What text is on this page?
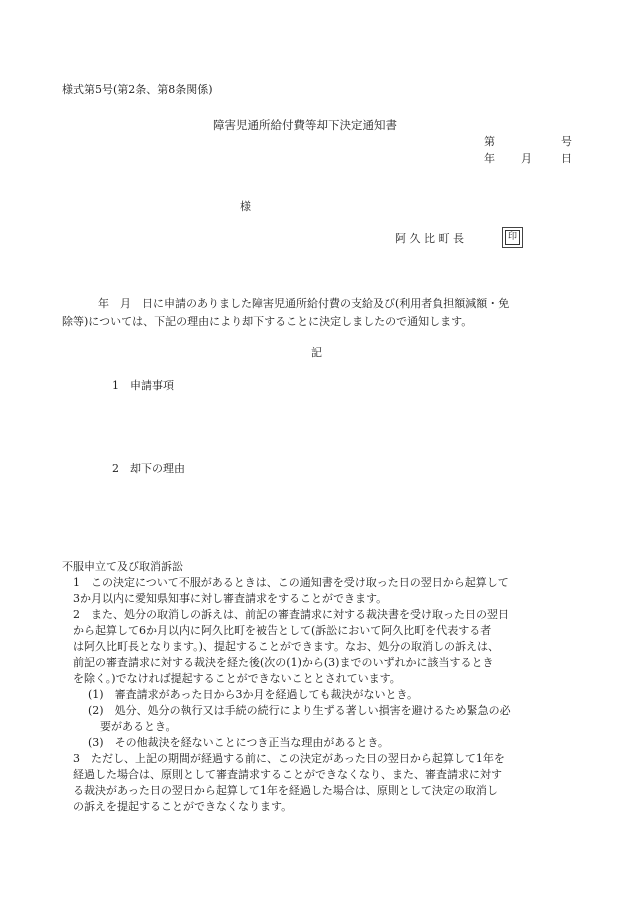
様式第5号(第2条、第8条関係)
障害児通所給付費等却下決定通知書
第	号
年 月	日
様
阿 久 比 町 長	印
年　月　日に申請のありました障害児通所給付費の支給及び(利用者負担額減額・免
除等)については、下記の理由により却下することに決定しましたので通知します。
記
1 申請事項
2 却下の理由
不服申立て及び取消訴訟
1　この決定について不服があるときは、この通知書を受け取った日の翌日から起算して
3か月以内に愛知県知事に対し審査請求をすることができます。
2　また、処分の取消しの訴えは、前記の審査請求に対する裁決書を受け取った日の翌日
から起算して6か月以内に阿久比町を被告として(訴訟において阿久比町を代表する者
は阿久比町長となります。)、提起することができます。なお、処分の取消しの訴えは、
前記の審査請求に対する裁決を経た後(次の(1)から(3)までのいずれかに該当するとき
を除く。)でなければ提起することができないこととされています。
(1)　審査請求があった日から3か月を経過しても裁決がないとき。
(2)　処分、処分の執行又は手続の続行により生ずる著しい損害を避けるため緊急の必
要があるとき。
(3)　その他裁決を経ないことにつき正当な理由があるとき。
3　ただし、上記の期間が経過する前に、この決定があった日の翌日から起算して1年を
経過した場合は、原則として審査請求することができなくなり、また、審査請求に対す
る裁決があった日の翌日から起算して1年を経過した場合は、原則として決定の取消し
の訴えを提起することができなくなります。
